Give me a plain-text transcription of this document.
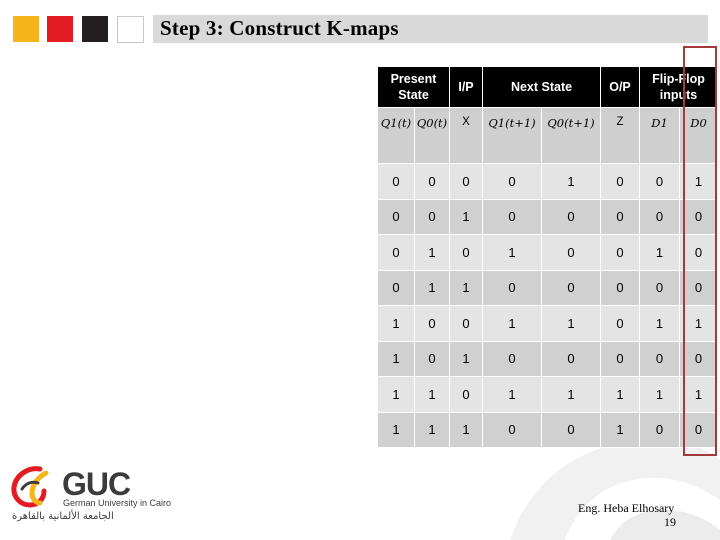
Step 3: Construct K-maps
Present State		I/P	Next State		O/P	Flip-Flop inputs	
Q1(t)	Q0(t)	X	Q1(t+1)	Q0(t+1)	Z	D1	D0
0	0	0	0	1	0	0	1
0	0	1	0	0	0	0	0
0	1	0	1	0	0	1	0
0	1	1	0	0	0	0	0
1	0	0	1	1	0	1	1
1	0	1	0	0	0	0	0
1	1	0	1	1	1	1	1
1	1	1	0	0	1	0	0

GUC

German University in Cairo

الجامعة الألمانية بالقاهرة

Eng. Heba Elhosary

19
